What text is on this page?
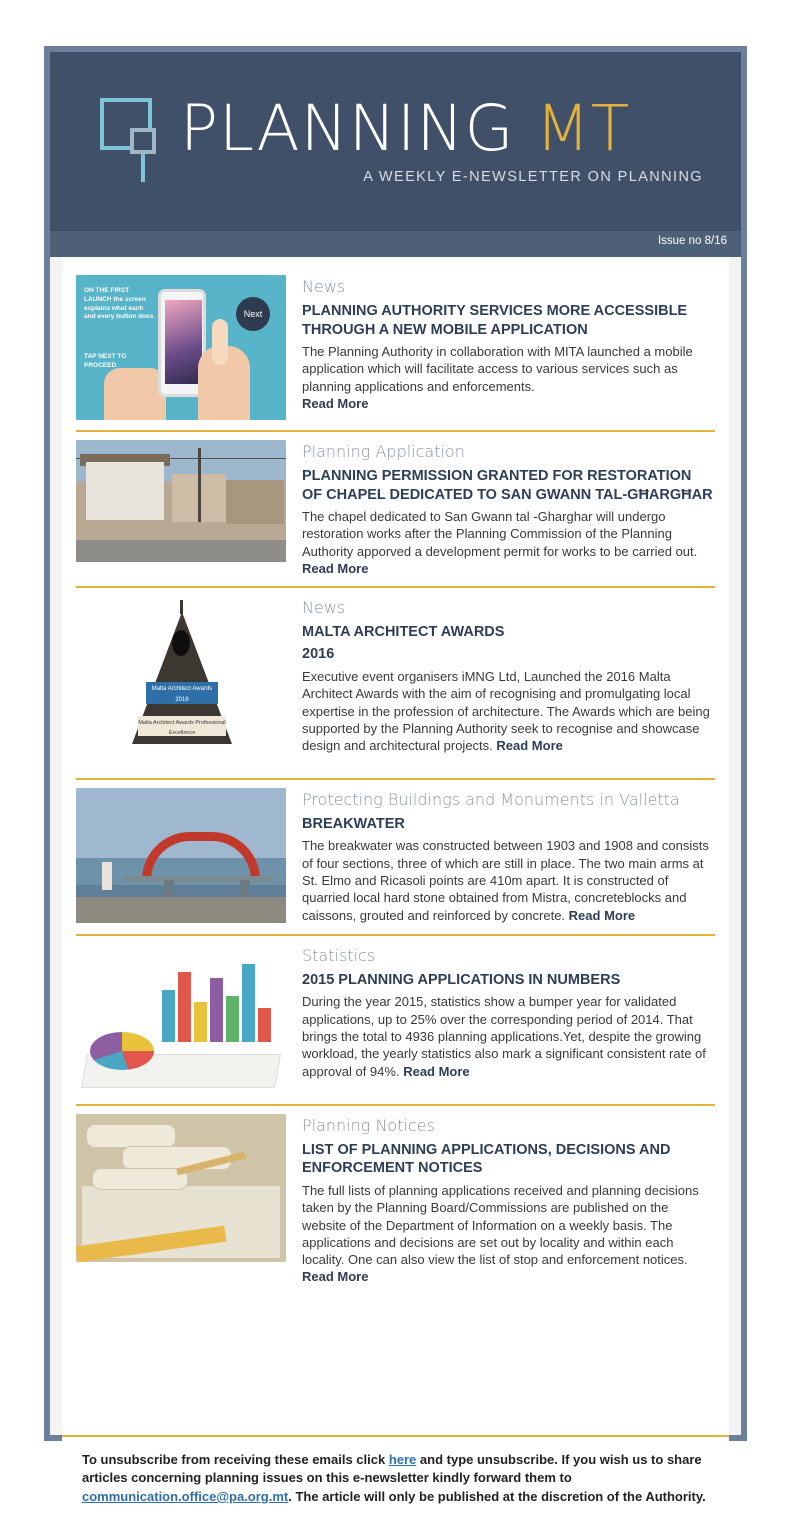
PLANNING MT
A WEEKLY E-NEWSLETTER ON PLANNING
Issue no 8/16
ON THE FIRST LAUNCH the screen explains what each and every button does
TAP NEXT TO PROCEED
Next

News

PLANNING AUTHORITY SERVICES MORE ACCESSIBLE THROUGH A NEW MOBILE APPLICATION

The Planning Authority in collaboration with MITA launched a mobile application which will facilitate access to various services such as planning applications and enforcements.

Read More

Planning Application

PLANNING PERMISSION GRANTED FOR RESTORATION OF CHAPEL DEDICATED TO SAN GWANN TAL-GĦARGĦAR

The chapel dedicated to San Gwann tal -Gharghar will undergo restoration works after the Planning Commission of the Planning Authority apporved a development permit for works to be carried out.

Read More
Malta Architect Awards 2016
Malta Architect Awards Professional Excellence

News

MALTA ARCHITECT AWARDS

2016

Executive event organisers iMNG Ltd, Launched the 2016 Malta Architect Awards with the aim of recognising and promulgating local expertise in the profession of architecture. The Awards which are being supported by the Planning Authority seek to recognise and showcase design and architectural projects. Read More

Protecting Buildings and Monuments in Valletta

BREAKWATER

The breakwater was constructed between 1903 and 1908 and consists of four sections, three of which are still in place. The two main arms at St. Elmo and Ricasoli points are 410m apart. It is constructed of quarried local hard stone obtained from Mistra, concreteblocks and caissons, grouted and reinforced by concrete. Read More

Statistics

2015 PLANNING APPLICATIONS IN NUMBERS

During the year 2015, statistics show a bumper year for validated applications, up to 25% over the corresponding period of 2014. That brings the total to 4936 planning applications.Yet, despite the growing workload, the yearly statistics also mark a significant consistent rate of approval of 94%. Read More

Planning Notices

LIST OF PLANNING APPLICATIONS, DECISIONS AND ENFORCEMENT NOTICES

The full lists of planning applications received and planning decisions taken by the Planning Board/Commissions are published on the website of the Department of Information on a weekly basis. The applications and decisions are set out by locality and within each locality. One can also view the list of stop and enforcement notices. Read More

To unsubscribe from receiving these emails click here and type unsubscribe. If you wish us to share articles concerning planning issues on this e-newsletter kindly forward them to communication.office@pa.org.mt. The article will only be published at the discretion of the Authority.
